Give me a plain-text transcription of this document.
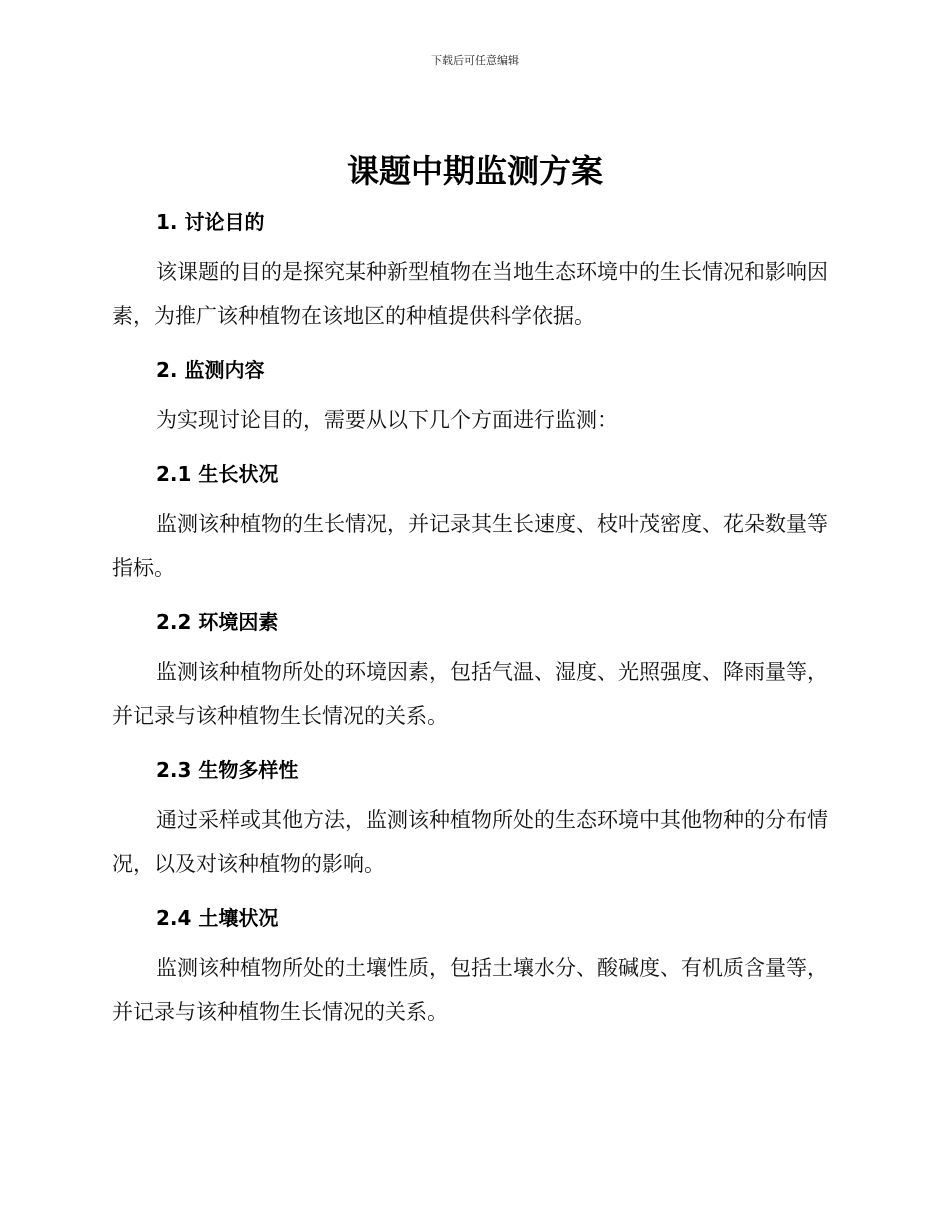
下载后可任意编辑
课题中期监测方案
1. 讨论目的

该课题的目的是探究某种新型植物在当地生态环境中的生长情况和影响因素，为推广该种植物在该地区的种植提供科学依据。

2. 监测内容

为实现讨论目的，需要从以下几个方面进行监测：

2.1 生长状况

监测该种植物的生长情况，并记录其生长速度、枝叶茂密度、花朵数量等指标。

2.2 环境因素

监测该种植物所处的环境因素，包括气温、湿度、光照强度、降雨量等，并记录与该种植物生长情况的关系。

2.3 生物多样性

通过采样或其他方法，监测该种植物所处的生态环境中其他物种的分布情况，以及对该种植物的影响。

2.4 土壤状况

监测该种植物所处的土壤性质，包括土壤水分、酸碱度、有机质含量等，并记录与该种植物生长情况的关系。
